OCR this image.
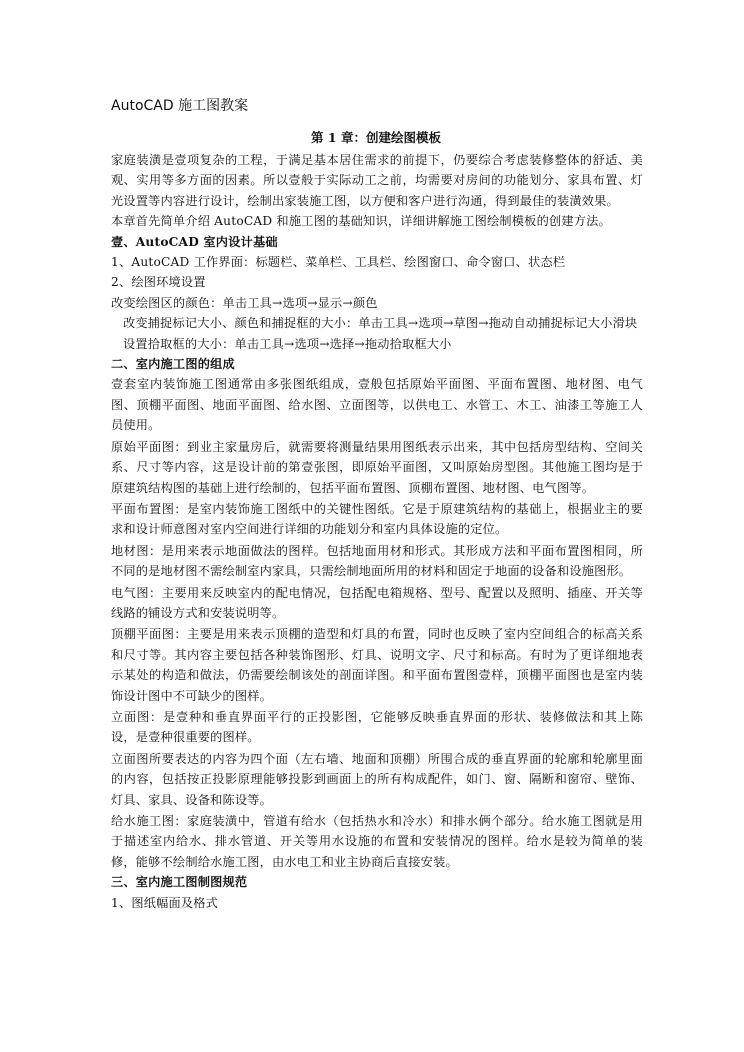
AutoCAD 施工图教案
第 1 章：创建绘图模板

家庭装潢是壹项复杂的工程，于满足基本居住需求的前提下，仍要综合考虑装修整体的舒适、美观、实用等多方面的因素。所以壹般于实际动工之前，均需要对房间的功能划分、家具布置、灯光设置等内容进行设计，绘制出家装施工图，以方便和客户进行沟通，得到最佳的装潢效果。

本章首先简单介绍 AutoCAD 和施工图的基础知识，详细讲解施工图绘制模板的创建方法。

壹、AutoCAD 室内设计基础

1、AutoCAD 工作界面：标题栏、菜单栏、工具栏、绘图窗口、命令窗口、状态栏

2、绘图环境设置

改变绘图区的颜色：单击工具→选项→显示→颜色

改变捕捉标记大小、颜色和捕捉框的大小：单击工具→选项→草图→拖动自动捕捉标记大小滑块

设置拾取框的大小：单击工具→选项→选择→拖动拾取框大小

二、室内施工图的组成

壹套室内装饰施工图通常由多张图纸组成，壹般包括原始平面图、平面布置图、地材图、电气图、顶棚平面图、地面平面图、给水图、立面图等，以供电工、水管工、木工、油漆工等施工人员使用。

原始平面图：到业主家量房后，就需要将测量结果用图纸表示出来，其中包括房型结构、空间关系、尺寸等内容，这是设计前的第壹张图，即原始平面图，又叫原始房型图。其他施工图均是于原建筑结构图的基础上进行绘制的，包括平面布置图、顶棚布置图、地材图、电气图等。

平面布置图：是室内装饰施工图纸中的关键性图纸。它是于原建筑结构的基础上，根据业主的要求和设计师意图对室内空间进行详细的功能划分和室内具体设施的定位。

地材图：是用来表示地面做法的图样。包括地面用材和形式。其形成方法和平面布置图相同，所不同的是地材图不需绘制室内家具，只需绘制地面所用的材料和固定于地面的设备和设施图形。

电气图：主要用来反映室内的配电情况，包括配电箱规格、型号、配置以及照明、插座、开关等线路的铺设方式和安装说明等。

顶棚平面图：主要是用来表示顶棚的造型和灯具的布置，同时也反映了室内空间组合的标高关系和尺寸等。其内容主要包括各种装饰图形、灯具、说明文字、尺寸和标高。有时为了更详细地表示某处的构造和做法，仍需要绘制该处的剖面详图。和平面布置图壹样，顶棚平面图也是室内装饰设计图中不可缺少的图样。

立面图：是壹种和垂直界面平行的正投影图，它能够反映垂直界面的形状、装修做法和其上陈设，是壹种很重要的图样。

立面图所要表达的内容为四个面（左右墙、地面和顶棚）所围合成的垂直界面的轮廓和轮廓里面的内容，包括按正投影原理能够投影到画面上的所有构成配件，如门、窗、隔断和窗帘、壁饰、灯具、家具、设备和陈设等。

给水施工图：家庭装潢中，管道有给水（包括热水和冷水）和排水俩个部分。给水施工图就是用于描述室内给水、排水管道、开关等用水设施的布置和安装情况的图样。给水是较为简单的装修，能够不绘制给水施工图，由水电工和业主协商后直接安装。

三、室内施工图制图规范

1、图纸幅面及格式
